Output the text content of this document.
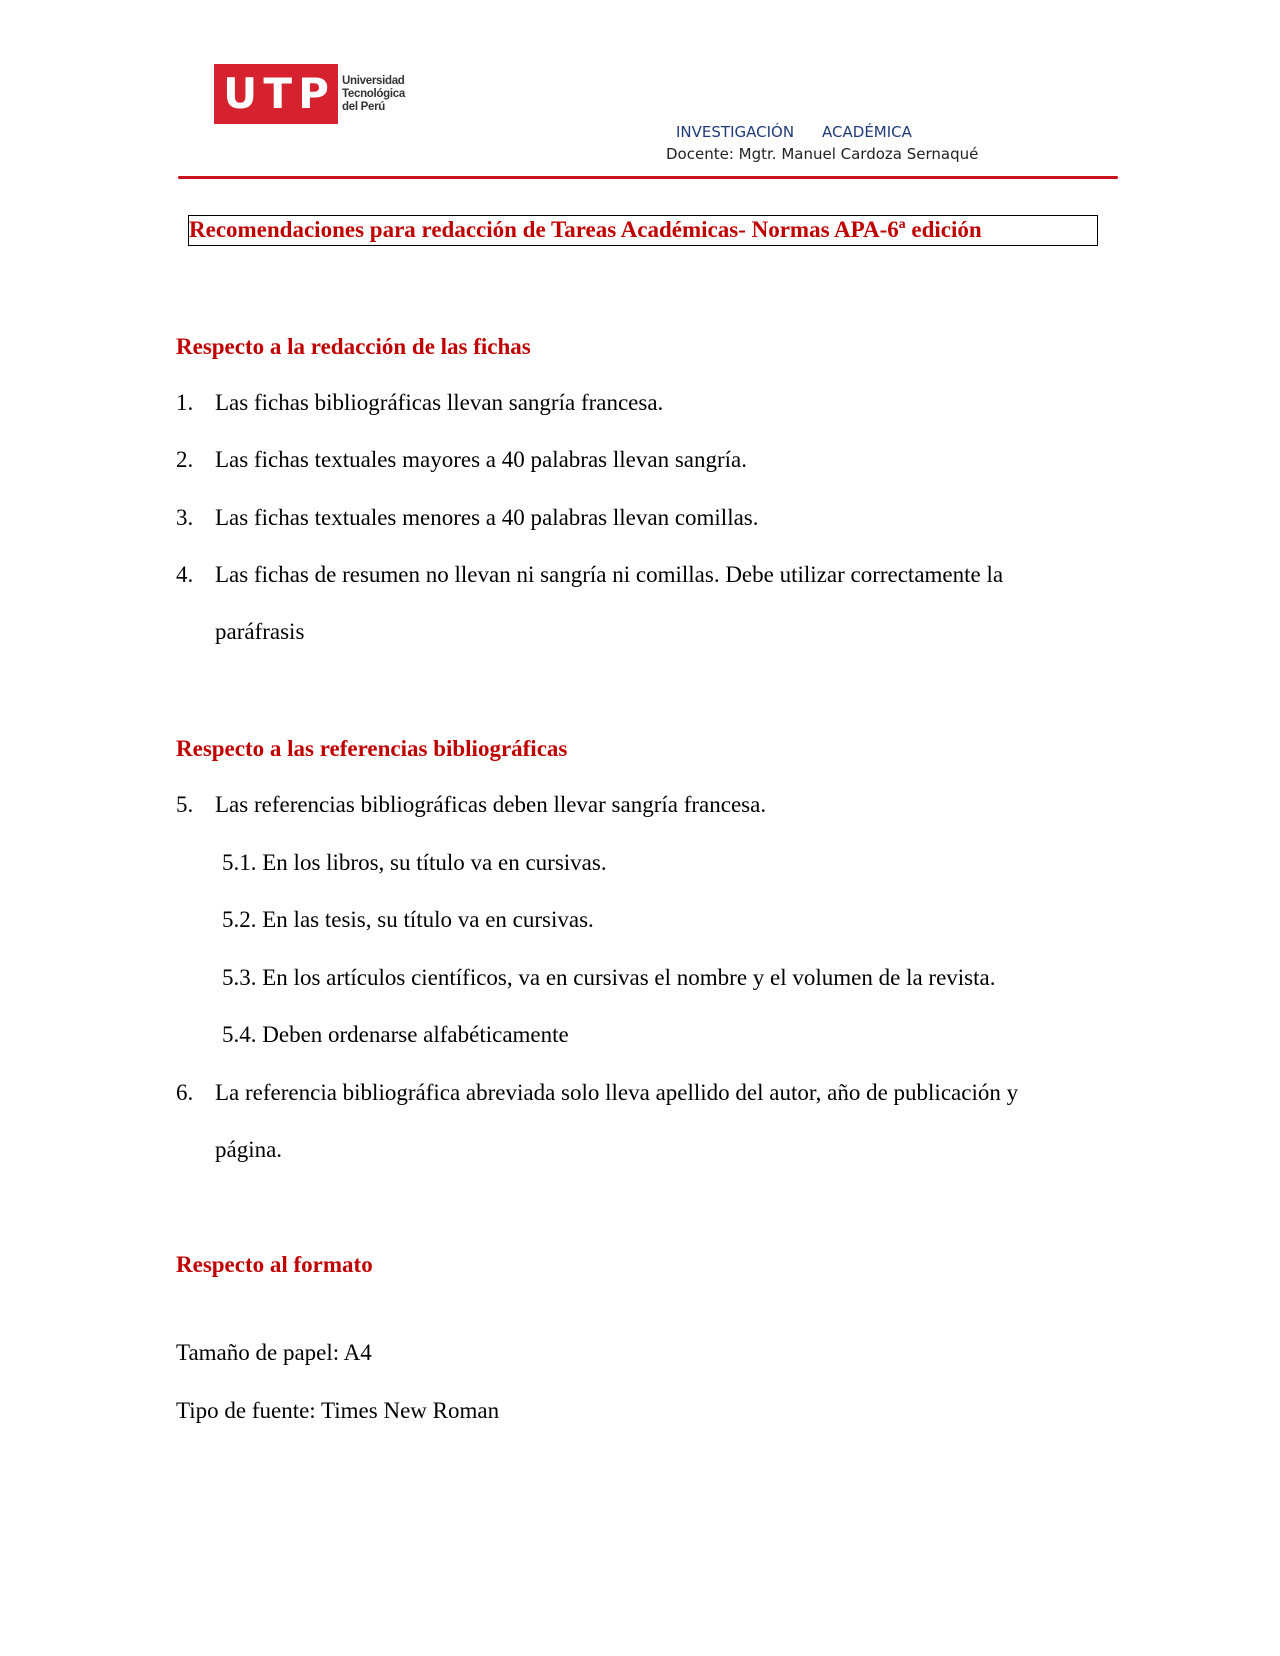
U T P Universidad
Tecnológica
del Perú
INVESTIGACIÓN ACADÉMICA
Docente: Mgtr. Manuel Cardoza Sernaqué
Recomendaciones para redacción de Tareas Académicas- Normas APA-6ª edición
Respecto a la redacción de las fichas
1. Las fichas bibliográficas llevan sangría francesa.
2. Las fichas textuales mayores a 40 palabras llevan sangría.
3. Las fichas textuales menores a 40 palabras llevan comillas.
4. Las fichas de resumen no llevan ni sangría ni comillas. Debe utilizar correctamente la
paráfrasis
Respecto a las referencias bibliográficas
5. Las referencias bibliográficas deben llevar sangría francesa.
5.1. En los libros, su título va en cursivas.
5.2. En las tesis, su título va en cursivas.
5.3. En los artículos científicos, va en cursivas el nombre y el volumen de la revista.
5.4. Deben ordenarse alfabéticamente
6. La referencia bibliográfica abreviada solo lleva apellido del autor, año de publicación y
página.
Respecto al formato
Tamaño de papel: A4
Tipo de fuente: Times New Roman
